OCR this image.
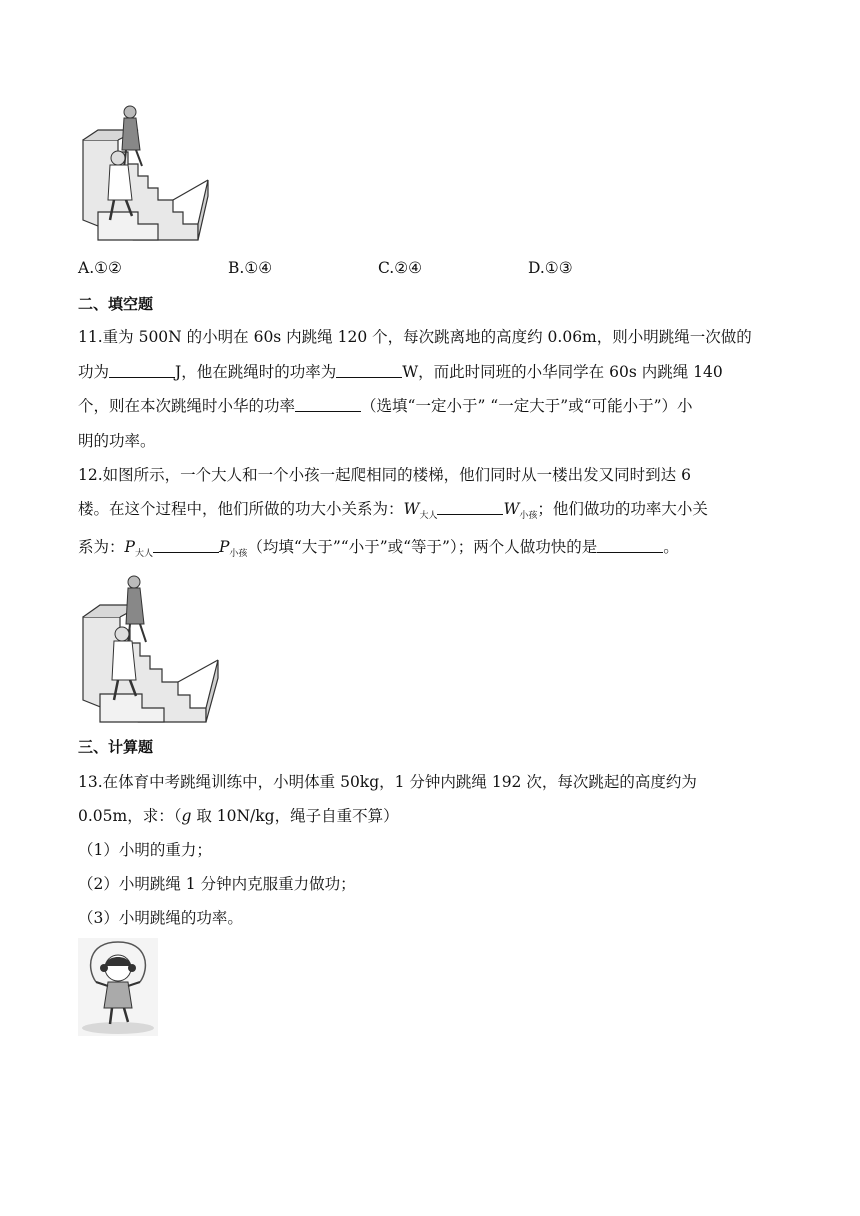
A.①②	B.①④	C.②④	D.①③
二、填空题
11.重为 500N 的小明在 60s 内跳绳 120 个，每次跳离地的高度约 0.06m，则小明跳绳一次做的
功为	J，他在跳绳时的功率为	W，而此时同班的小华同学在 60s 内跳绳 140
个，则在本次跳绳时小华的功率	（选填“一定小于” “一定大于”或“可能小于”）小
明的功率。
12.如图所示，一个大人和一个小孩一起爬相同的楼梯，他们同时从一楼出发又同时到达 6
楼。在这个过程中，他们所做的功大小关系为：$W_{大人}$	$W_{小孩}$；他们做功的功率大小关
系为：$P_{大人}$	$P_{小孩}$（均填“大于”“小于”或“等于”）；两个人做功快的是	。
三、计算题
13.在体育中考跳绳训练中，小明体重 50kg，1 分钟内跳绳 192 次，每次跳起的高度约为
0.05m，求：（g 取 10N/kg，绳子自重不算）
（1）小明的重力；
（2）小明跳绳 1 分钟内克服重力做功；
（3）小明跳绳的功率。
